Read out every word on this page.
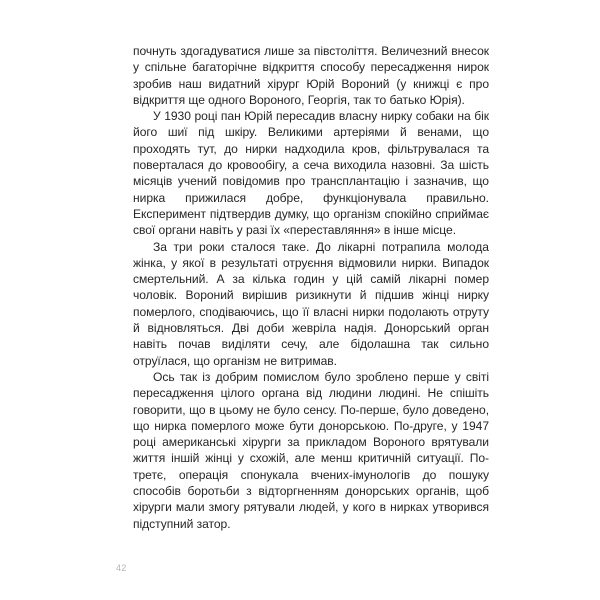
почнуть здогадуватися лише за півстоліття. Величезний внесок у спільне багаторічне відкриття способу пересадження нирок зробив наш видатний хірург Юрій Вороний (у книжці є про відкриття ще одного Вороного, Георгія, так то батько Юрія).

У 1930 році пан Юрій пересадив власну нирку собаки на бік його шиї під шкіру. Великими артеріями й венами, що проходять тут, до нирки надходила кров, фільтрувалася та поверталася до кровообігу, а сеча виходила назовні. За шість місяців учений повідомив про трансплантацію і зазначив, що нирка прижилася добре, функціонувала правильно. Експеримент підтвердив думку, що організм спокійно сприймає свої органи навіть у разі їх «переставляння» в інше місце.

За три роки сталося таке. До лікарні потрапила молода жінка, у якої в результаті отруєння відмовили нирки. Випадок смертельний. А за кілька годин у цій самій лікарні помер чоловік. Вороний вирішив ризикнути й підшив жінці нирку померлого, сподіваючись, що її власні нирки подолають отруту й відновляться. Дві доби жевріла надія. Донорський орган навіть почав виділяти сечу, але бідолашна так сильно отруїлася, що організм не витримав.

Ось так із добрим помислом було зроблено перше у світі пересадження цілого органа від людини людині. Не спішіть говорити, що в цьому не було сенсу. По-перше, було доведено, що нирка померлого може бути донорською. По-друге, у 1947 році американські хірурги за прикладом Вороного врятували життя іншій жінці у схожій, але менш критичній ситуації. По-третє, операція спонукала вчених-імунологів до пошуку способів боротьби з відторгненням донорських органів, щоб хірурги мали змогу рятували людей, у кого в нирках утворився підступний затор.

42
